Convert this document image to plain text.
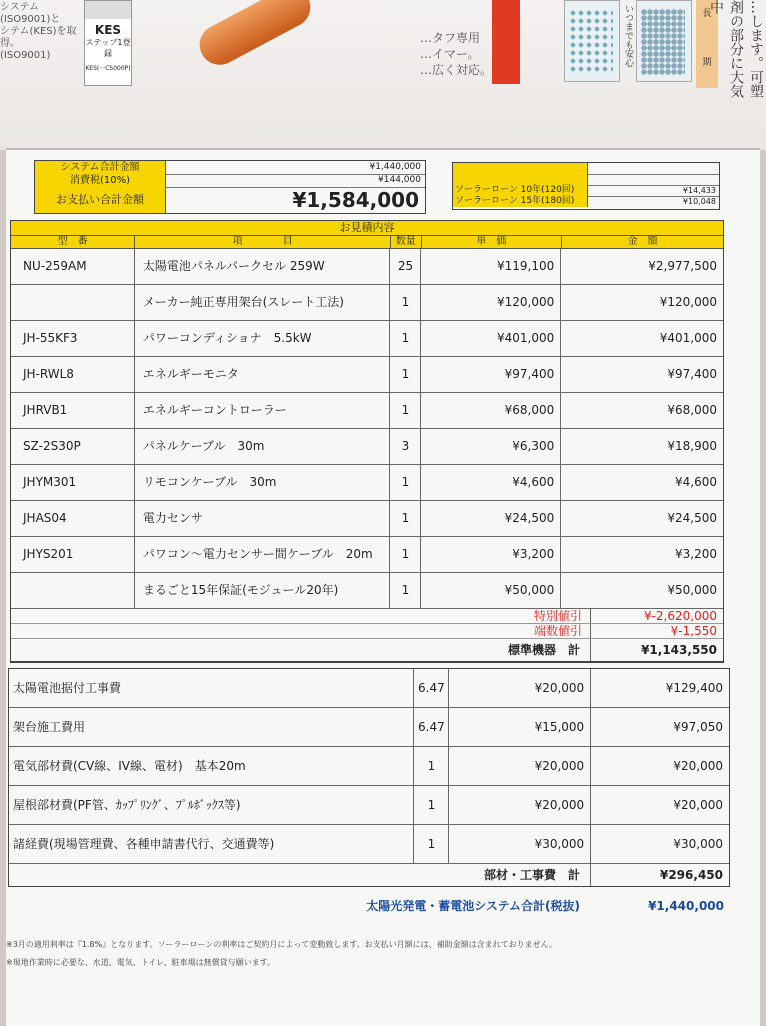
システム(ISO9001)と
シテム(KES)を取得。
(ISO9001)
KES
ステップ1登録
KES(一CS000P)
…タフ専用
…イマー。
…広く対応。
いつまでも安心	長
期	…します。可塑剤の部分に大気中
システム合計金額	¥1,440,000
消費税(10%)	¥144,000
お支払い合計金額	¥1,584,000	ソーラーローン 10年(120回)	¥14,433
ソーラーローン 15年(180回)	¥10,048
お見積内容
型　番	項　　　　目	数量	単　価	金　額
NU-259AM	太陽電池パネルパークセル 259W	25	¥119,100	¥2,977,500
メーカー純正専用架台(スレート工法)	1	¥120,000	¥120,000
JH-55KF3	パワーコンディショナ　5.5kW	1	¥401,000	¥401,000
JH-RWL8	エネルギーモニタ	1	¥97,400	¥97,400
JHRVB1	エネルギーコントローラー	1	¥68,000	¥68,000
SZ-2S30P	パネルケーブル　30m	3	¥6,300	¥18,900
JHYM301	リモコンケーブル　30m	1	¥4,600	¥4,600
JHAS04	電力センサ	1	¥24,500	¥24,500
JHYS201	パワコン～電力センサー間ケーブル　20m	1	¥3,200	¥3,200
まるごと15年保証(モジュール20年)	1	¥50,000	¥50,000
特別値引	¥-2,620,000
端数値引	¥-1,550
標準機器　計	¥1,143,550
太陽電池据付工事費	6.47	¥20,000	¥129,400
架台施工費用	6.47	¥15,000	¥97,050
電気部材費(CV線、IV線、電材)　基本20m	1	¥20,000	¥20,000
屋根部材費(PF管、ｶｯﾌﾟﾘﾝｸﾞ、ﾌﾟﾙﾎﾞｯｸｽ等)	1	¥20,000	¥20,000
諸経費(現場管理費、各種申請書代行、交通費等)	1	¥30,000	¥30,000
部材・工事費　計	¥296,450
太陽光発電・蓄電池システム合計(税抜)	¥1,440,000
※3月の適用利率は『1.8%』となります。ソーラーローンの利率はご契約月によって変動致します。お支払い月額には、補助金額は含まれておりません。
※現地作業時に必要な、水道、電気、トイレ、駐車場は無償貸与願います。
